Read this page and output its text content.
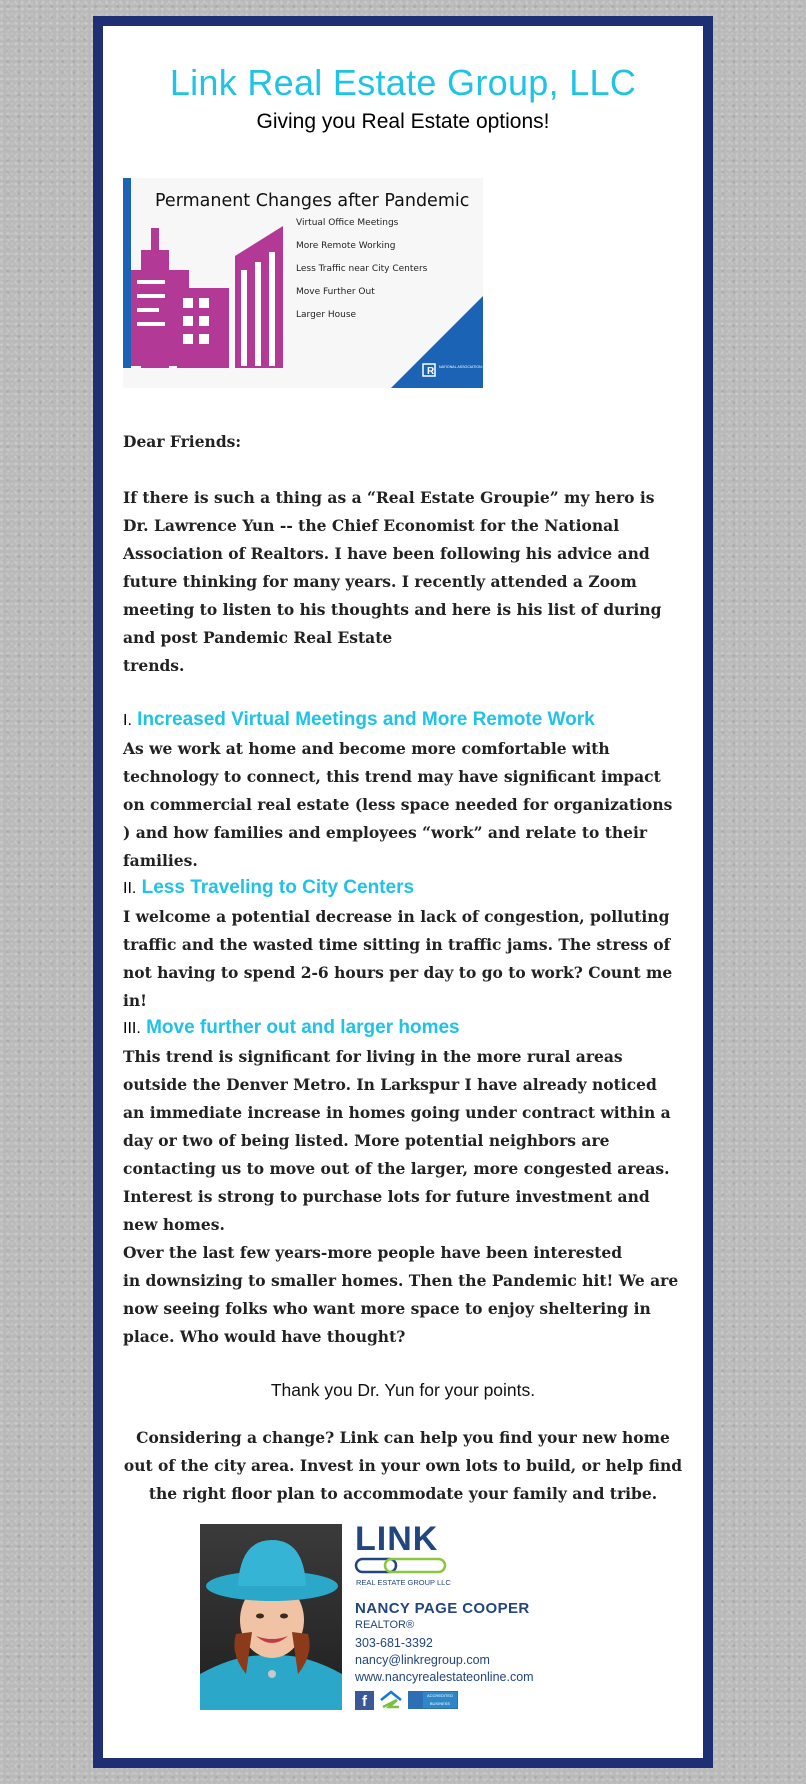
Link Real Estate Group, LLC

Giving you Real Estate options!

Permanent Changes after Pandemic
Virtual Office Meetings
More Remote Working
Less Traffic near City Centers
Move Further Out
Larger House
R NATIONAL ASSOCIATION of REALTORS

Dear Friends:

If there is such a thing as a “Real Estate Groupie” my hero is Dr. Lawrence Yun -- the Chief Economist for the National Association of Realtors. I have been following his advice and future thinking for many years. I recently attended a Zoom meeting to listen to his thoughts and here is his list of during and post Pandemic Real Estate
trends.

I. Increased Virtual Meetings and More Remote Work

As we work at home and become more comfortable with technology to connect, this trend may have significant impact on commercial real estate (less space needed for organizations ) and how families and employees “work” and relate to their families.

II. Less Traveling to City Centers

I welcome a potential decrease in lack of congestion, polluting traffic and the wasted time sitting in traffic jams. The stress of not having to spend 2-6 hours per day to go to work? Count me in!

III. Move further out and larger homes

This trend is significant for living in the more rural areas outside the Denver Metro. In Larkspur I have already noticed an immediate increase in homes going under contract within a day or two of being listed. More potential neighbors are contacting us to move out of the larger, more congested areas. Interest is strong to purchase lots for future investment and new homes.

Over the last few years-more people have been interested
in downsizing to smaller homes. Then the Pandemic hit! We are now seeing folks who want more space to enjoy sheltering in place. Who would have thought?

Thank you Dr. Yun for your points.

Considering a change? Link can help you find your new home out of the city area. Invest in your own lots to build, or help find the right floor plan to accommodate your family and tribe.

LINK
REAL ESTATE GROUP LLC
NANCY PAGE COOPER
REALTOR®
303-681-3392
nancy@linkregroup.com
www.nancyrealestateonline.com
f	ACCREDITED BUSINESS
